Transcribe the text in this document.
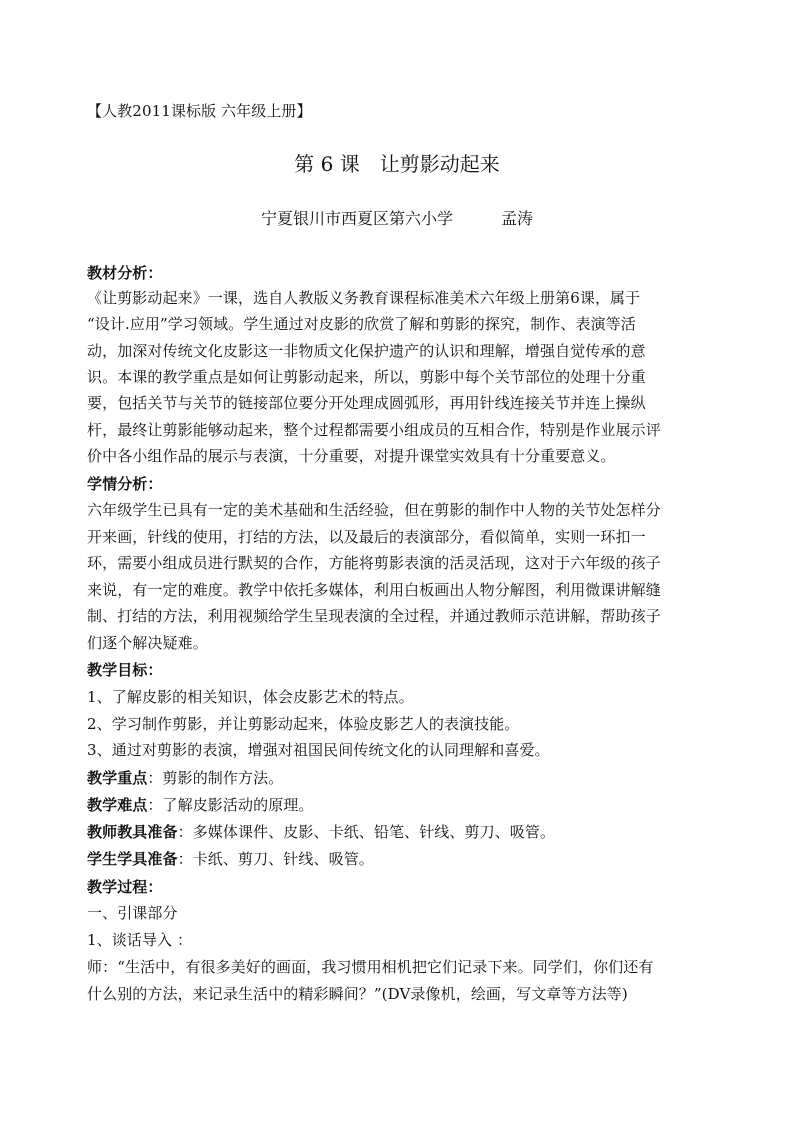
【人教2011课标版 六年级上册】
第 6 课　让剪影动起来
宁夏银川市西夏区第六小学　　　孟涛
教材分析：
《让剪影动起来》一课，选自人教版义务教育课程标准美术六年级上册第6课，属于
“设计.应用”学习领域。学生通过对皮影的欣赏了解和剪影的探究，制作、表演等活
动，加深对传统文化皮影这一非物质文化保护遗产的认识和理解，增强自觉传承的意
识。本课的教学重点是如何让剪影动起来，所以，剪影中每个关节部位的处理十分重
要，包括关节与关节的链接部位要分开处理成圆弧形，再用针线连接关节并连上操纵
杆，最终让剪影能够动起来，整个过程都需要小组成员的互相合作，特别是作业展示评
价中各小组作品的展示与表演，十分重要，对提升课堂实效具有十分重要意义。
学情分析：
六年级学生已具有一定的美术基础和生活经验，但在剪影的制作中人物的关节处怎样分
开来画，针线的使用，打结的方法，以及最后的表演部分，看似简单，实则一环扣一
环，需要小组成员进行默契的合作，方能将剪影表演的活灵活现，这对于六年级的孩子
来说，有一定的难度。教学中依托多媒体，利用白板画出人物分解图，利用微课讲解缝
制、打结的方法，利用视频给学生呈现表演的全过程，并通过教师示范讲解，帮助孩子
们逐个解决疑难。
教学目标：
1、了解皮影的相关知识，体会皮影艺术的特点。
2、学习制作剪影，并让剪影动起来，体验皮影艺人的表演技能。
3、通过对剪影的表演，增强对祖国民间传统文化的认同理解和喜爱。
教学重点：剪影的制作方法。
教学难点：了解皮影活动的原理。
教师教具准备：多媒体课件、皮影、卡纸、铅笔、针线、剪刀、吸管。
学生学具准备：卡纸、剪刀、针线、吸管。
教学过程：
一、引课部分
1、谈话导入 ：
师：“生活中，有很多美好的画面，我习惯用相机把它们记录下来。同学们，你们还有
什么别的方法，来记录生活中的精彩瞬间？”(DV录像机，绘画，写文章等方法等)
